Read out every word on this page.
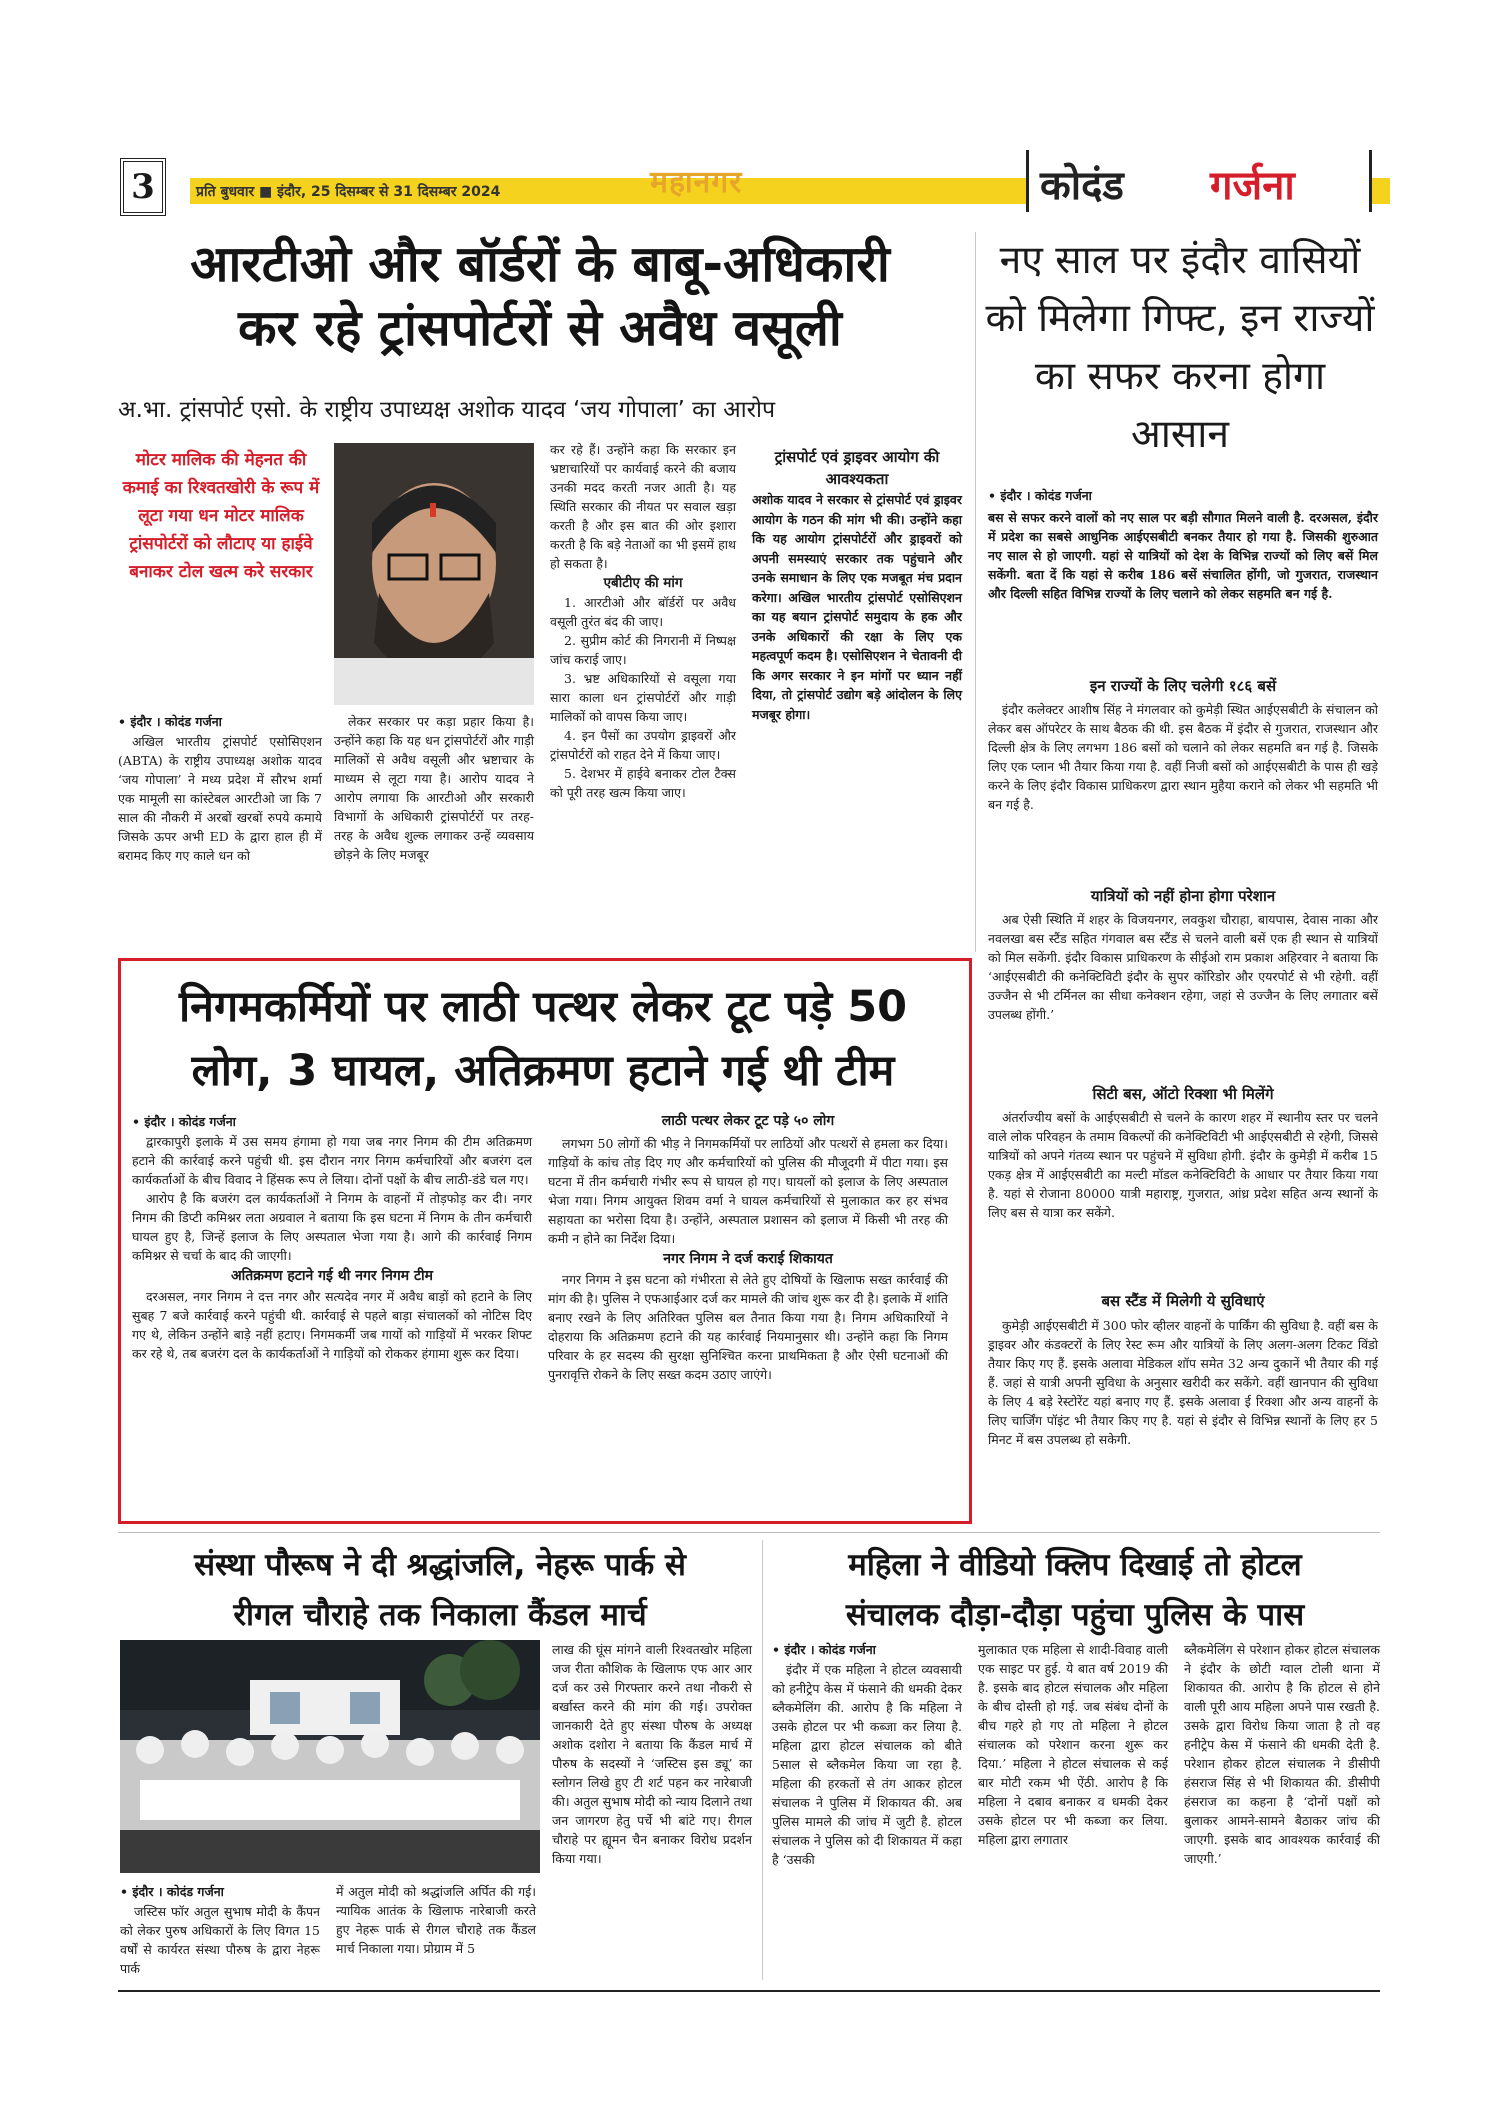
3	प्रति बुधवार ■ इंदौर, 25 दिसम्बर से 31 दिसम्बर 2024	महानगर	कोदंड गर्जना
आरटीओ और बॉर्डरों के बाबू-अधिकारी
कर रहे ट्रांसपोर्टरों से अवैध वसूली
अ.भा. ट्रांसपोर्ट एसो. के राष्ट्रीय उपाध्यक्ष अशोक यादव ‘जय गोपाला’ का आरोप
मोटर मालिक की मेहनत की कमाई का रिश्वतखोरी के रूप में लूटा गया धन मोटर मालिक ट्रांसपोर्टरों को लौटाए या हाईवे बनाकर टोल खत्म करे सरकार
• इंदौर । कोदंड गर्जना

अखिल भारतीय ट्रांसपोर्ट एसोसिएशन (ABTA) के राष्ट्रीय उपाध्यक्ष अशोक यादव ‘जय गोपाला’ ने मध्य प्रदेश में सौरभ शर्मा एक मामूली सा कांस्टेबल आरटीओ जा कि 7 साल की नौकरी में अरबों खरबों रुपये कमाये जिसके ऊपर अभी ED के द्वारा हाल ही में बरामद किए गए काले धन को

लेकर सरकार पर कड़ा प्रहार किया है। उन्होंने कहा कि यह धन ट्रांसपोर्टरों और गाड़ी मालिकों से अवैध वसूली और भ्रष्टाचार के माध्यम से लूटा गया है। आरोप यादव ने आरोप लगाया कि आरटीओ और सरकारी विभागों के अधिकारी ट्रांसपोर्टरों पर तरह-तरह के अवैध शुल्क लगाकर उन्हें व्यवसाय छोड़ने के लिए मजबूर

कर रहे हैं। उन्होंने कहा कि सरकार इन भ्रष्टाचारियों पर कार्यवाई करने की बजाय उनकी मदद करती नजर आती है। यह स्थिति सरकार की नीयत पर सवाल खड़ा करती है और इस बात की ओर इशारा करती है कि बड़े नेताओं का भी इसमें हाथ हो सकता है।

एबीटीए की मांग
1. आरटीओ और बॉर्डरों पर अवैध वसूली तुरंत बंद की जाए।
2. सुप्रीम कोर्ट की निगरानी में निष्पक्ष जांच कराई जाए।
3. भ्रष्ट अधिकारियों से वसूला गया सारा काला धन ट्रांसपोर्टरों और गाड़ी मालिकों को वापस किया जाए।
4. इन पैसों का उपयोग ड्राइवरों और ट्रांसपोर्टरों को राहत देने में किया जाए।
5. देशभर में हाईवे बनाकर टोल टैक्स को पूरी तरह खत्म किया जाए।
ट्रांसपोर्ट एवं ड्राइवर आयोग की आवश्यकता
अशोक यादव ने सरकार से ट्रांसपोर्ट एवं ड्राइवर आयोग के गठन की मांग भी की। उन्होंने कहा कि यह आयोग ट्रांसपोर्टरों और ड्राइवरों को अपनी समस्याएं सरकार तक पहुंचाने और उनके समाधान के लिए एक मजबूत मंच प्रदान करेगा। अखिल भारतीय ट्रांसपोर्ट एसोसिएशन का यह बयान ट्रांसपोर्ट समुदाय के हक और उनके अधिकारों की रक्षा के लिए एक महत्वपूर्ण कदम है। एसोसिएशन ने चेतावनी दी कि अगर सरकार ने इन मांगों पर ध्यान नहीं दिया, तो ट्रांसपोर्ट उद्योग बड़े आंदोलन के लिए मजबूर होगा।
नए साल पर इंदौर वासियों को मिलेगा गिफ्ट, इन राज्यों का सफर करना होगा आसान
• इंदौर । कोदंड गर्जना
बस से सफर करने वालों को नए साल पर बड़ी सौगात मिलने वाली है. दरअसल, इंदौर में प्रदेश का सबसे आधुनिक आईएसबीटी बनकर तैयार हो गया है. जिसकी शुरुआत नए साल से हो जाएगी. यहां से यात्रियों को देश के विभिन्न राज्यों को लिए बसें मिल सकेंगी. बता दें कि यहां से करीब 186 बसें संचालित होंगी, जो गुजरात, राजस्थान और दिल्ली सहित विभिन्न राज्यों के लिए चलाने को लेकर सहमति बन गई है.
इन राज्यों के लिए चलेगी १८६ बसें

इंदौर कलेक्टर आशीष सिंह ने मंगलवार को कुमेड़ी स्थित आईएसबीटी के संचालन को लेकर बस ऑपरेटर के साथ बैठक की थी. इस बैठक में इंदौर से गुजरात, राजस्थान और दिल्ली क्षेत्र के लिए लगभग 186 बसों को चलाने को लेकर सहमति बन गई है. जिसके लिए एक प्लान भी तैयार किया गया है. वहीं निजी बसों को आईएसबीटी के पास ही खड़े करने के लिए इंदौर विकास प्राधिकरण द्वारा स्थान मुहैया कराने को लेकर भी सहमति भी बन गई है.

यात्रियों को नहीं होना होगा परेशान

अब ऐसी स्थिति में शहर के विजयनगर, लवकुश चौराहा, बायपास, देवास नाका और नवलखा बस स्टैंड सहित गंगवाल बस स्टैंड से चलने वाली बसें एक ही स्थान से यात्रियों को मिल सकेंगी. इंदौर विकास प्राधिकरण के सीईओ राम प्रकाश अहिरवार ने बताया कि ‘आईएसबीटी की कनेक्टिविटी इंदौर के सुपर कॉरिडोर और एयरपोर्ट से भी रहेगी. वहीं उज्जैन से भी टर्मिनल का सीधा कनेक्शन रहेगा, जहां से उज्जैन के लिए लगातार बसें उपलब्ध होंगी.’

सिटी बस, ऑटो रिक्शा भी मिलेंगे

अंतर्राज्यीय बसों के आईएसबीटी से चलने के कारण शहर में स्थानीय स्तर पर चलने वाले लोक परिवहन के तमाम विकल्पों की कनेक्टिविटी भी आईएसबीटी से रहेगी, जिससे यात्रियों को अपने गंतव्य स्थान पर पहुंचने में सुविधा होगी. इंदौर के कुमेड़ी में करीब 15 एकड़ क्षेत्र में आईएसबीटी का मल्टी मॉडल कनेक्टिविटी के आधार पर तैयार किया गया है. यहां से रोजाना 80000 यात्री महाराष्ट्र, गुजरात, आंध्र प्रदेश सहित अन्य स्थानों के लिए बस से यात्रा कर सकेंगे.

बस स्टैंड में मिलेगी ये सुविधाएं

कुमेड़ी आईएसबीटी में 300 फोर व्हीलर वाहनों के पार्किंग की सुविधा है. वहीं बस के ड्राइवर और कंडक्टरों के लिए रेस्ट रूम और यात्रियों के लिए अलग-अलग टिकट विंडो तैयार किए गए हैं. इसके अलावा मेडिकल शॉप समेत 32 अन्य दुकानें भी तैयार की गई हैं. जहां से यात्री अपनी सुविधा के अनुसार खरीदी कर सकेंगे. वहीं खानपान की सुविधा के लिए 4 बड़े रेस्टोरेंट यहां बनाए गए हैं. इसके अलावा ई रिक्शा और अन्य वाहनों के लिए चार्जिंग पॉइंट भी तैयार किए गए है. यहां से इंदौर से विभिन्न स्थानों के लिए हर 5 मिनट में बस उपलब्ध हो सकेगी.

निगमकर्मियों पर लाठी पत्थर लेकर टूट पड़े 50
लोग, 3 घायल, अतिक्रमण हटाने गई थी टीम
• इंदौर । कोदंड गर्जना

द्वारकापुरी इलाके में उस समय हंगामा हो गया जब नगर निगम की टीम अतिक्रमण हटाने की कार्रवाई करने पहुंची थी. इस दौरान नगर निगम कर्मचारियों और बजरंग दल कार्यकर्ताओं के बीच विवाद ने हिंसक रूप ले लिया। दोनों पक्षों के बीच लाठी-डंडे चल गए।

आरोप है कि बजरंग दल कार्यकर्ताओं ने निगम के वाहनों में तोड़फोड़ कर दी। नगर निगम की डिप्टी कमिश्नर लता अग्रवाल ने बताया कि इस घटना में निगम के तीन कर्मचारी घायल हुए है, जिन्हें इलाज के लिए अस्पताल भेजा गया है। आगे की कार्रवाई निगम कमिश्नर से चर्चा के बाद की जाएगी।

अतिक्रमण हटाने गई थी नगर निगम टीम

दरअसल, नगर निगम ने दत्त नगर और सत्यदेव नगर में अवैध बाड़ों को हटाने के लिए सुबह 7 बजे कार्रवाई करने पहुंची थी. कार्रवाई से पहले बाड़ा संचालकों को नोटिस दिए गए थे, लेकिन उन्होंने बाड़े नहीं हटाए। निगमकर्मी जब गायों को गाड़ियों में भरकर शिफ्ट कर रहे थे, तब बजरंग दल के कार्यकर्ताओं ने गाड़ियों को रोककर हंगामा शुरू कर दिया।

लाठी पत्थर लेकर टूट पड़े ५० लोग

लगभग 50 लोगों की भीड़ ने निगमकर्मियों पर लाठियों और पत्थरों से हमला कर दिया। गाड़ियों के कांच तोड़ दिए गए और कर्मचारियों को पुलिस की मौजूदगी में पीटा गया। इस घटना में तीन कर्मचारी गंभीर रूप से घायल हो गए। घायलों को इलाज के लिए अस्पताल भेजा गया। निगम आयुक्त शिवम वर्मा ने घायल कर्मचारियों से मुलाकात कर हर संभव सहायता का भरोसा दिया है। उन्होंने, अस्पताल प्रशासन को इलाज में किसी भी तरह की कमी न होने का निर्देश दिया।

नगर निगम ने दर्ज कराई शिकायत

नगर निगम ने इस घटना को गंभीरता से लेते हुए दोषियों के खिलाफ सख्त कार्रवाई की मांग की है। पुलिस ने एफआईआर दर्ज कर मामले की जांच शुरू कर दी है। इलाके में शांति बनाए रखने के लिए अतिरिक्त पुलिस बल तैनात किया गया है। निगम अधिकारियों ने दोहराया कि अतिक्रमण हटाने की यह कार्रवाई नियमानुसार थी। उन्होंने कहा कि निगम परिवार के हर सदस्य की सुरक्षा सुनिश्चित करना प्राथमिकता है और ऐसी घटनाओं की पुनरावृत्ति रोकने के लिए सख्त कदम उठाए जाएंगे।

संस्था पौरूष ने दी श्रद्धांजलि, नेहरू पार्क से
रीगल चौराहे तक निकाला कैंडल मार्च
• इंदौर । कोदंड गर्जना

जस्टिस फॉर अतुल सुभाष मोदी के कैंपन को लेकर पुरुष अधिकारों के लिए विगत 15 वर्षों से कार्यरत संस्था पौरुष के द्वारा नेहरू पार्क

में अतुल मोदी को श्रद्धांजलि अर्पित की गई। न्यायिक आतंक के खिलाफ नारेबाजी करते हुए नेहरू पार्क से रीगल चौराहे तक कैंडल मार्च निकाला गया। प्रोग्राम में 5

लाख की घूंस मांगने वाली रिश्वतखोर महिला जज रीता कौशिक के खिलाफ एफ आर आर दर्ज कर उसे गिरफ्तार करने तथा नौकरी से बर्खास्त करने की मांग की गई। उपरोक्त जानकारी देते हुए संस्था पौरुष के अध्यक्ष अशोक दशोरा ने बताया कि कैंडल मार्च में पौरुष के सदस्यों ने ‘जस्टिस इस ड्यू’ का स्लोगन लिखे हुए टी शर्ट पहन कर नारेबाजी की। अतुल सुभाष मोदी को न्याय दिलाने तथा जन जागरण हेतु पर्चे भी बांटे गए। रीगल चौराहे पर ह्यूमन चैन बनाकर विरोध प्रदर्शन किया गया।

महिला ने वीडियो क्लिप दिखाई तो होटल
संचालक दौड़ा-दौड़ा पहुंचा पुलिस के पास
• इंदौर । कोदंड गर्जना

इंदौर में एक महिला ने होटल व्यवसायी को हनीट्रेप केस में फंसाने की धमकी देकर ब्लैकमेलिंग की. आरोप है कि महिला ने उसके होटल पर भी कब्जा कर लिया है. महिला द्वारा होटल संचालक को बीते 5साल से ब्लैकमेल किया जा रहा है. महिला की हरकतों से तंग आकर होटल संचालक ने पुलिस में शिकायत की. अब पुलिस मामले की जांच में जुटी है. होटल संचालक ने पुलिस को दी शिकायत में कहा है ‘उसकी

मुलाकात एक महिला से शादी-विवाह वाली एक साइट पर हुई. ये बात वर्ष 2019 की है. इसके बाद होटल संचालक और महिला के बीच दोस्ती हो गई. जब संबंध दोनों के बीच गहरे हो गए तो महिला ने होटल संचालक को परेशान करना शुरू कर दिया.’ महिला ने होटल संचालक से कई बार मोटी रकम भी ऐंठी. आरोप है कि महिला ने दबाव बनाकर व धमकी देकर उसके होटल पर भी कब्जा कर लिया. महिला द्वारा लगातार

ब्लैकमेलिंग से परेशान होकर होटल संचालक ने इंदौर के छोटी ग्वाल टोली थाना में शिकायत की. आरोप है कि होटल से होने वाली पूरी आय महिला अपने पास रखती है. उसके द्वारा विरोध किया जाता है तो वह हनीट्रेप केस में फंसाने की धमकी देती है. परेशान होकर होटल संचालक ने डीसीपी हंसराज सिंह से भी शिकायत की. डीसीपी हंसराज का कहना है ‘दोनों पक्षों को बुलाकर आमने-सामने बैठाकर जांच की जाएगी. इसके बाद आवश्यक कार्रवाई की जाएगी.’
